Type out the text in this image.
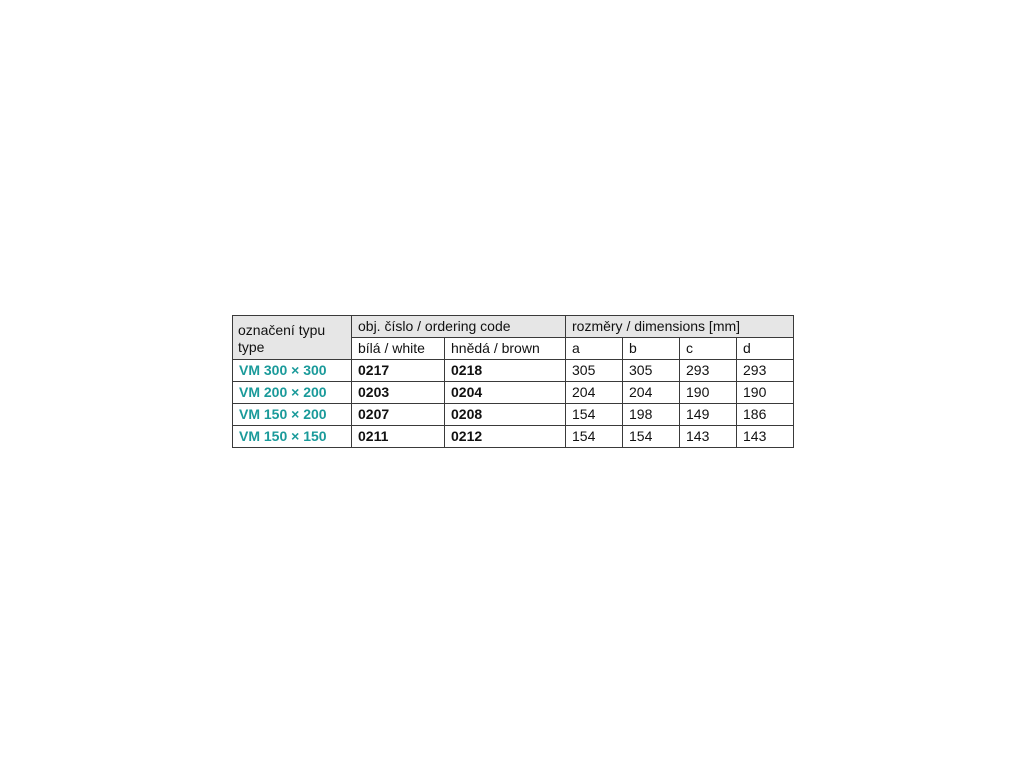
označení typu
type	obj. číslo / ordering code		rozměry / dimensions [mm]			
	bílá / white	hnědá / brown	a	b	c	d
VM 300 × 300	0217	0218	305	305	293	293
VM 200 × 200	0203	0204	204	204	190	190
VM 150 × 200	0207	0208	154	198	149	186
VM 150 × 150	0211	0212	154	154	143	143
